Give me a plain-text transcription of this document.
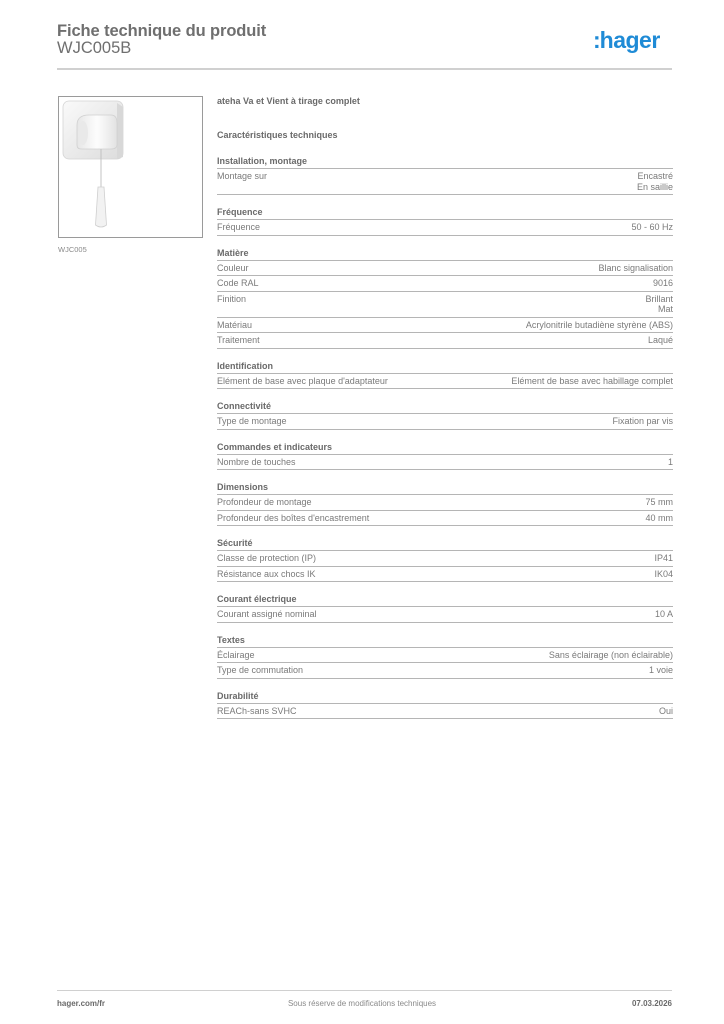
Fiche technique du produit
WJC005B	:hager
WJC005
ateha Va et Vient à tirage complet
Caractéristiques techniques
Installation, montage
Montage sur	Encastré
En saillie
Fréquence
Fréquence	50 - 60 Hz
Matière
Couleur	Blanc signalisation
Code RAL	9016
Finition	Brillant
Mat
Matériau	Acrylonitrile butadiène styrène (ABS)
Traitement	Laqué
Identification
Elément de base avec plaque d'adaptateur	Elément de base avec habillage complet
Connectivité
Type de montage	Fixation par vis
Commandes et indicateurs
Nombre de touches	1
Dimensions
Profondeur de montage	75 mm
Profondeur des boîtes d'encastrement	40 mm
Sécurité
Classe de protection (IP)	IP41
Résistance aux chocs IK	IK04
Courant électrique
Courant assigné nominal	10 A
Textes
Éclairage	Sans éclairage (non éclairable)
Type de commutation	1 voie
Durabilité
REACh-sans SVHC	Oui
hager.com/fr	Sous réserve de modifications techniques	07.03.2026
